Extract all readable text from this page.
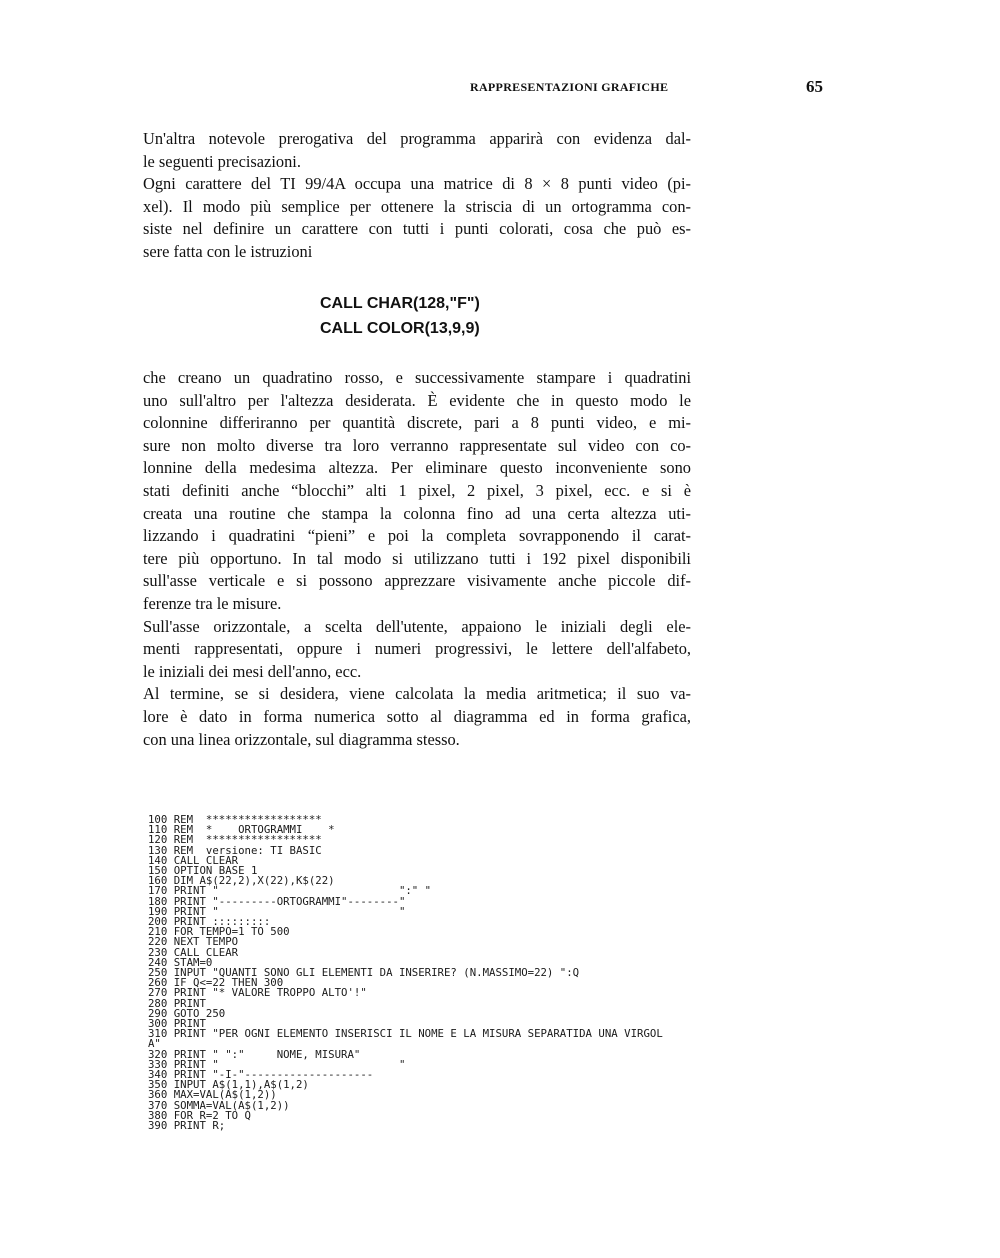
RAPPRESENTAZIONI GRAFICHE	65
Un'altra notevole prerogativa del programma apparirà con evidenza dal-
le seguenti precisazioni.
Ogni carattere del TI 99/4A occupa una matrice di 8 × 8 punti video (pi-
xel). Il modo più semplice per ottenere la striscia di un ortogramma con-
siste nel definire un carattere con tutti i punti colorati, cosa che può es-
sere fatta con le istruzioni
CALL CHAR(128,"F")
CALL COLOR(13,9,9)
che creano un quadratino rosso, e successivamente stampare i quadratini
uno sull'altro per l'altezza desiderata. È evidente che in questo modo le
colonnine differiranno per quantità discrete, pari a 8 punti video, e mi-
sure non molto diverse tra loro verranno rappresentate sul video con co-
lonnine della medesima altezza. Per eliminare questo inconveniente sono
stati definiti anche “blocchi” alti 1 pixel, 2 pixel, 3 pixel, ecc. e si è
creata una routine che stampa la colonna fino ad una certa altezza uti-
lizzando i quadratini “pieni” e poi la completa sovrapponendo il carat-
tere più opportuno. In tal modo si utilizzano tutti i 192 pixel disponibili
sull'asse verticale e si possono apprezzare visivamente anche piccole dif-
ferenze tra le misure.
Sull'asse orizzontale, a scelta dell'utente, appaiono le iniziali degli ele-
menti rappresentati, oppure i numeri progressivi, le lettere dell'alfabeto,
le iniziali dei mesi dell'anno, ecc.
Al termine, se si desidera, viene calcolata la media aritmetica; il suo va-
lore è dato in forma numerica sotto al diagramma ed in forma grafica,
con una linea orizzontale, sul diagramma stesso.
100 REM  ******************
110 REM  *    ORTOGRAMMI    *
120 REM  ******************
130 REM  versione: TI BASIC
140 CALL CLEAR
150 OPTION BASE 1
160 DIM A$(22,2),X(22),K$(22)
170 PRINT "                            ":" "
180 PRINT "---------ORTOGRAMMI"--------"
190 PRINT "                            "
200 PRINT :::::::::
210 FOR TEMPO=1 TO 500
220 NEXT TEMPO
230 CALL CLEAR
240 STAM=0
250 INPUT "QUANTI SONO GLI ELEMENTI DA INSERIRE? (N.MASSIMO=22) ":Q
260 IF Q<=22 THEN 300
270 PRINT "* VALORE TROPPO ALTO'!"
280 PRINT
290 GOTO 250
300 PRINT
310 PRINT "PER OGNI ELEMENTO INSERISCI IL NOME E LA MISURA SEPARATIDA UNA VIRGOL
A"
320 PRINT " ":"     NOME, MISURA"
330 PRINT "                            "
340 PRINT "-I-"--------------------
350 INPUT A$(1,1),A$(1,2)
360 MAX=VAL(A$(1,2))
370 SOMMA=VAL(A$(1,2))
380 FOR R=2 TO Q
390 PRINT R;
